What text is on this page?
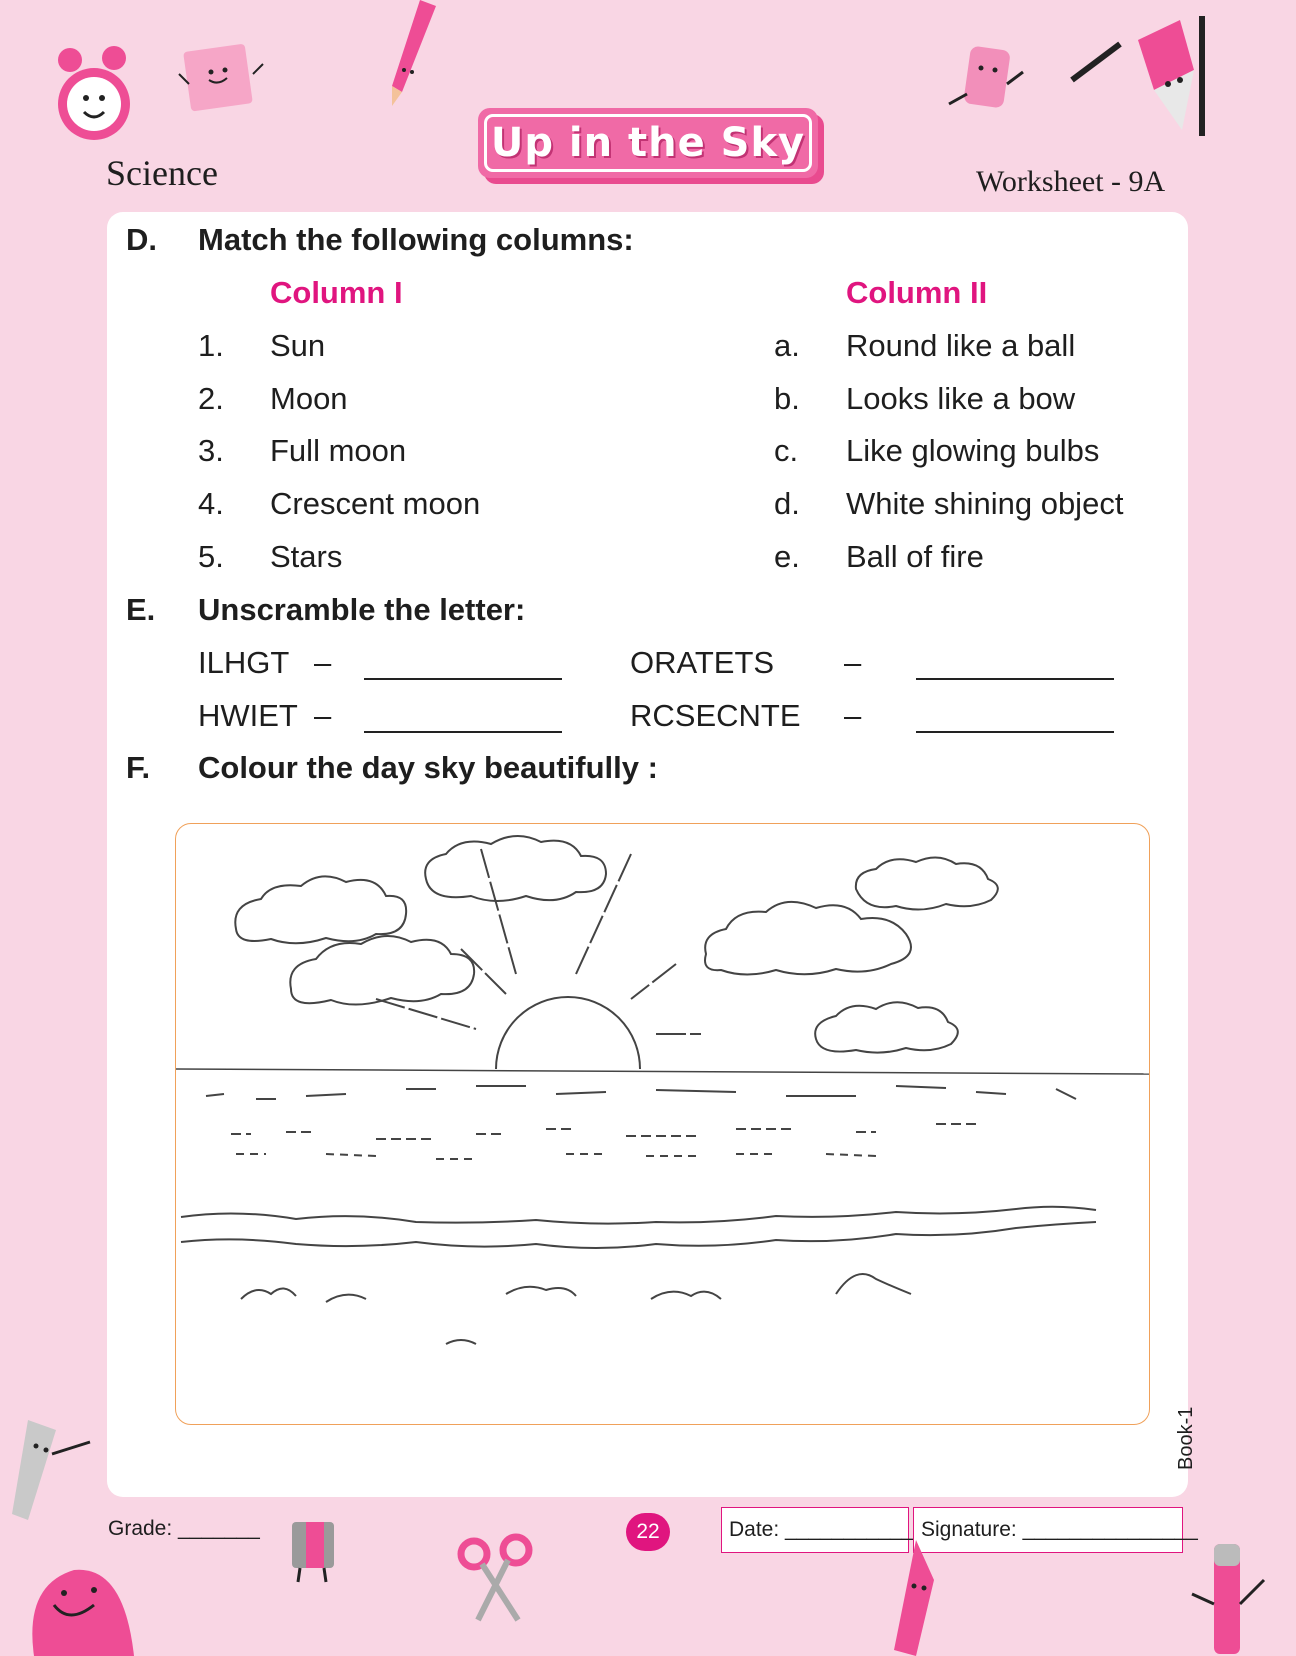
Up in the Sky
Science	Worksheet - 9A
D. Match the following columns:
Column I	Column II
1. Sun	a. Round like a ball
2. Moon	b. Looks like a bow
3. Full moon	c. Like glowing bulbs
4. Crescent moon	d. White shining object
5. Stars	e. Ball of fire
E. Unscramble the letter:
ILHGT –	ORATETS –
HWIET –	RCSECNTE –
F. Colour the day sky beautifully :
Grade: _______	22	Date: ___________ Signature: _______________
Book-1
